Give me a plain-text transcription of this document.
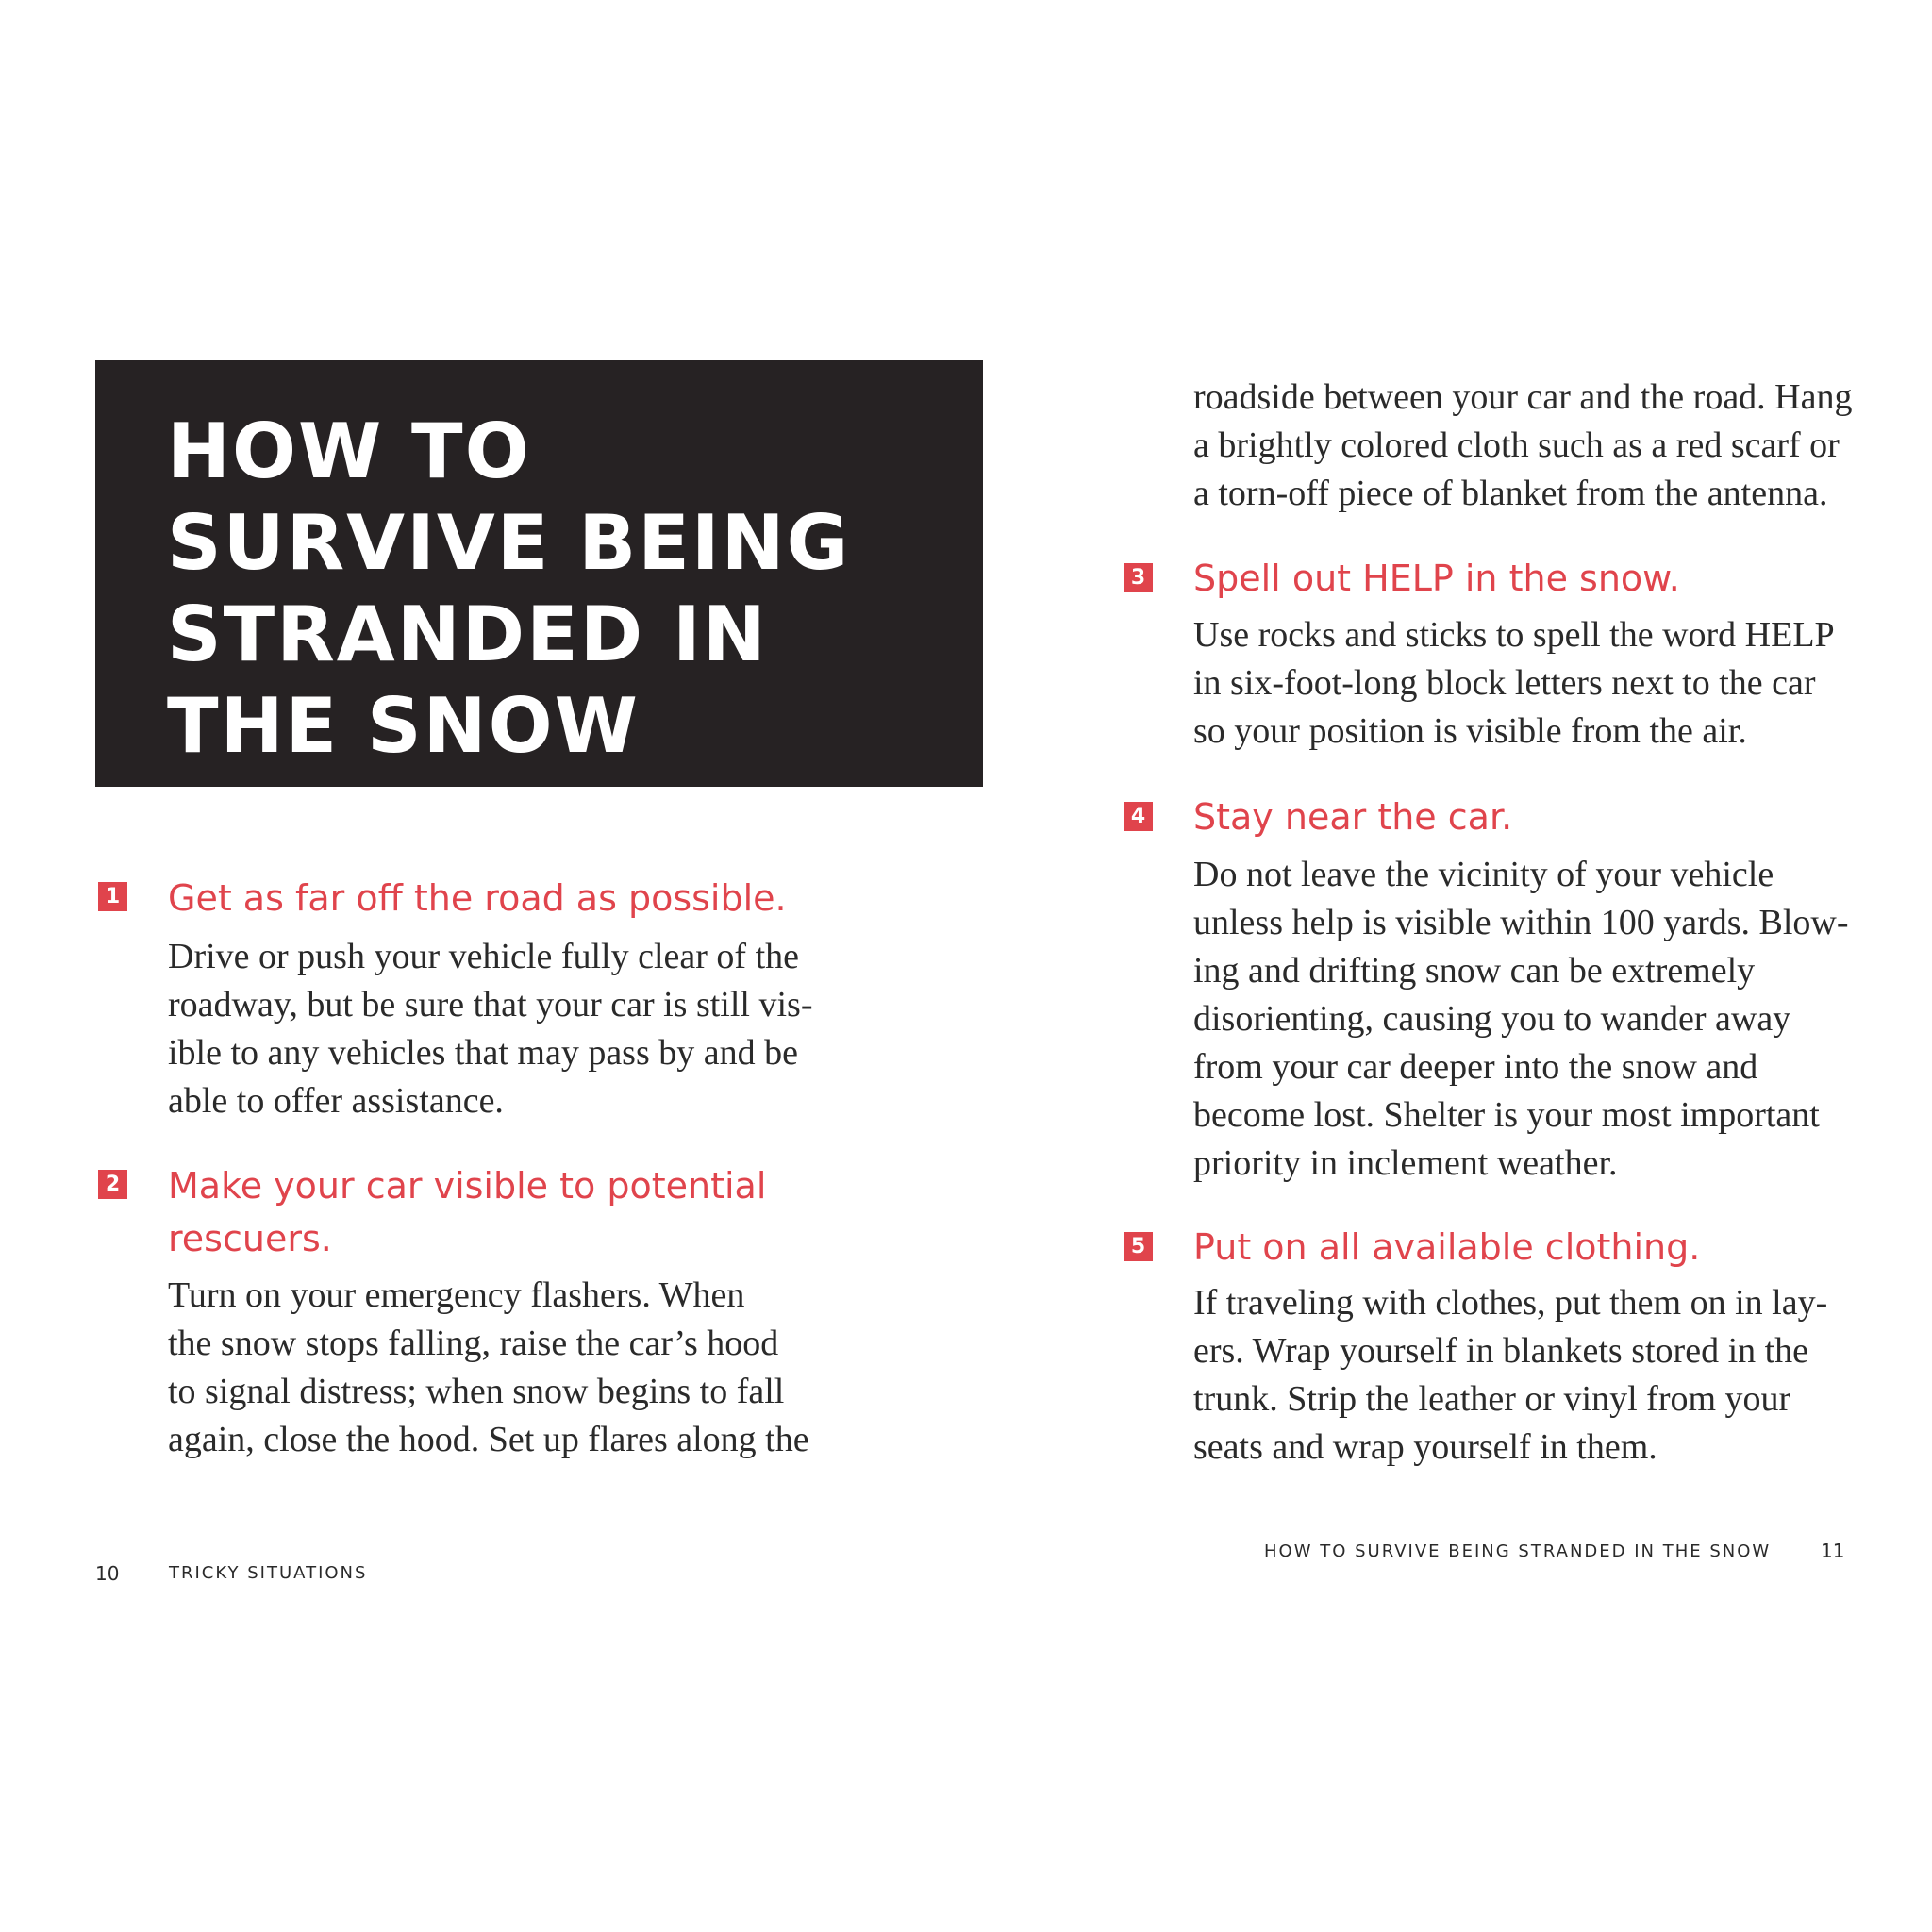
HOW TO
SURVIVE BEING
STRANDED IN
THE SNOW
1 Get as far off the road as possible.

Drive or push your vehicle fully clear of the
roadway, but be sure that your car is still vis-
ible to any vehicles that may pass by and be
able to offer assistance.

2 Make your car visible to potential
rescuers.

Turn on your emergency flashers. When
the snow stops falling, raise the car’s hood
to signal distress; when snow begins to fall
again, close the hood. Set up flares along the

roadside between your car and the road. Hang
a brightly colored cloth such as a red scarf or
a torn-off piece of blanket from the antenna.

3 Spell out HELP in the snow.

Use rocks and sticks to spell the word HELP
in six-foot-long block letters next to the car
so your position is visible from the air.

4 Stay near the car.

Do not leave the vicinity of your vehicle
unless help is visible within 100 yards. Blow-
ing and drifting snow can be extremely
disorienting, causing you to wander away
from your car deeper into the snow and
become lost. Shelter is your most important
priority in inclement weather.

5 Put on all available clothing.

If traveling with clothes, put them on in lay-
ers. Wrap yourself in blankets stored in the
trunk. Strip the leather or vinyl from your
seats and wrap yourself in them.

10	TRICKY SITUATIONS
HOW TO SURVIVE BEING STRANDED IN THE SNOW	11
